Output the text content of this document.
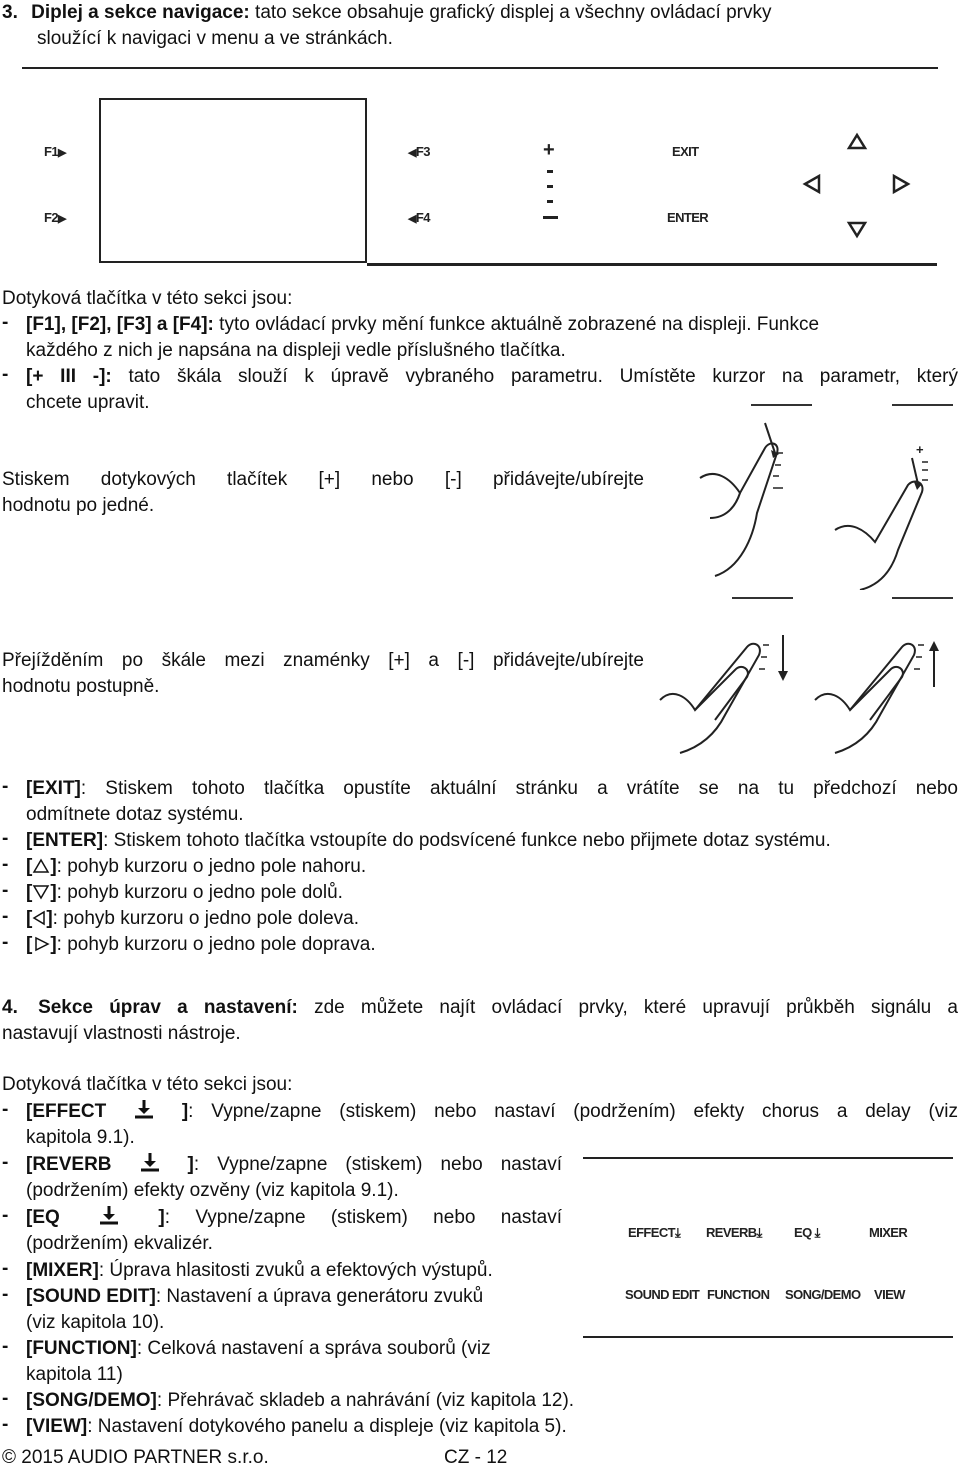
3. Diplej a sekce navigace: tato sekce obsahuje grafický displej a všechny ovládací prvky
sloužící k navigaci v menu a ve stránkách.
F1▶
F2▶
◀F3
◀F4
+	EXIT
ENTER
Dotyková tlačítka v této sekci jsou:
- [F1], [F2], [F3] a [F4]: tyto ovládací prvky mění funkce aktuálně zobrazené na displeji. Funkce
každého z nich je napsána na displeji vedle příslušného tlačítka.
- [+ III -]: tato škála slouží k úpravě vybraného parametru. Umístěte kurzor na parametr, který
chcete upravit.
Stiskem dotykových tlačítek [+] nebo [-] přidávejte/ubírejte
hodnotu po jedné.
+
Přejížděním po škále mezi znaménky [+] a [-] přidávejte/ubírejte
hodnotu postupně.
- [EXIT]: Stiskem tohoto tlačítka opustíte aktuální stránku a vrátíte se na tu předchozí nebo
odmítnete dotaz systému.
- [ENTER]: Stiskem tohoto tlačítka vstoupíte do podsvícené funkce nebo přijmete dotaz systému.
- [ ]: pohyb kurzoru o jedno pole nahoru.
- [ ]: pohyb kurzoru o jedno pole dolů.
- [ ]: pohyb kurzoru o jedno pole doleva.
- [ ]: pohyb kurzoru o jedno pole doprava.
4. Sekce úprav a nastavení: zde můžete najít ovládací prvky, které upravují průkběh signálu a
nastavují vlastnosti nástroje.
Dotyková tlačítka v této sekci jsou:
- [EFFECT	]: Vypne/zapne (stiskem) nebo nastaví (podržením) efekty chorus a delay (viz
kapitola 9.1).
- [REVERB	]: Vypne/zapne (stiskem) nebo nastaví
(podržením) efekty ozvěny (viz kapitola 9.1).
- [EQ	]: Vypne/zapne (stiskem) nebo nastaví
(podržením) ekvalizér.
- [MIXER]: Úprava hlasitosti zvuků a efektových výstupů.
- [SOUND EDIT]: Nastavení a úprava generátoru zvuků
(viz kapitola 10).
- [FUNCTION]: Celková nastavení a správa souborů (viz
kapitola 11)
- [SONG/DEMO]: Přehrávač skladeb a nahrávání (viz kapitola 12).
- [VIEW]: Nastavení dotykového panelu a displeje (viz kapitola 5).
EFFECT⤓ REVERB⤓ EQ ⤓	MIXER
SOUND EDIT FUNCTION SONG/DEMO VIEW
© 2015 AUDIO PARTNER s.r.o.	CZ - 12
